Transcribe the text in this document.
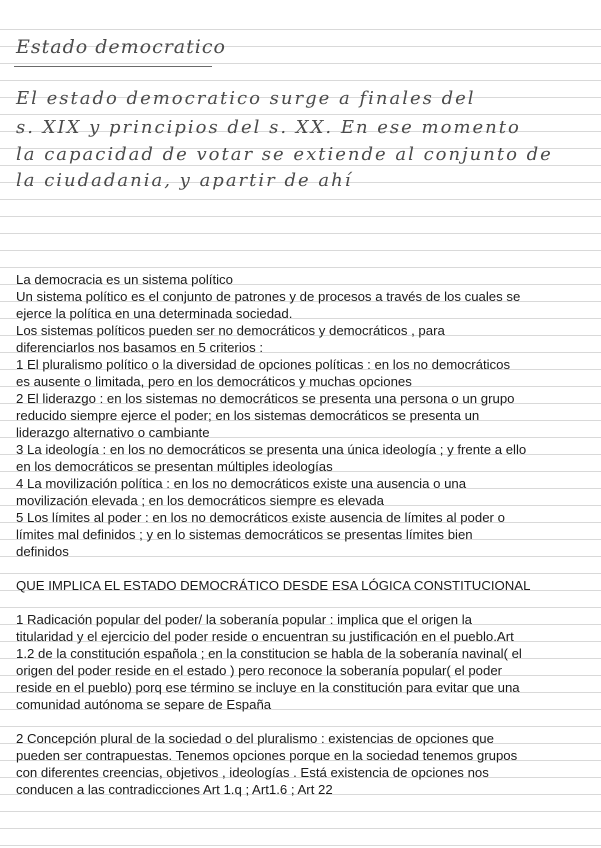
Estado democratico
El estado democratico surge a finales del
s. XIX y principios del s. XX. En ese momento
la capacidad de votar se extiende al conjunto de
la ciudadania, y apartir de ahí
La democracia es un sistema político
Un sistema político es el conjunto de patrones y de procesos a través de los cuales se
ejerce la política en una determinada sociedad.
Los sistemas políticos pueden ser no democráticos y democráticos , para
diferenciarlos nos basamos en 5 criterios :
1 El pluralismo político o la diversidad de opciones políticas : en los no democráticos
es ausente o limitada, pero en los democráticos y muchas opciones
2 El liderazgo : en los sistemas no democráticos se presenta una persona o un grupo
reducido siempre ejerce el poder; en los sistemas democráticos se presenta un
liderazgo alternativo o cambiante
3 La ideología : en los no democráticos se presenta una única ideología ; y frente a ello
en los democráticos se presentan múltiples ideologías
4 La movilización política : en los no democráticos existe una ausencia o una
movilización elevada ; en los democráticos siempre es elevada
5 Los límites al poder : en los no democráticos existe ausencia de límites al poder o
límites mal definidos ; y en lo sistemas democráticos se presentas límites bien
definidos
QUE IMPLICA EL ESTADO DEMOCRÁTICO DESDE ESA LÓGICA CONSTITUCIONAL
1 Radicación popular del poder/ la soberanía popular : implica que el origen la
titularidad y el ejercicio del poder reside o encuentran su justificación en el pueblo.Art
1.2 de la constitución española ; en la constitucion se habla de la soberanía navinal( el
origen del poder reside en el estado ) pero reconoce la soberanía popular( el poder
reside en el pueblo) porq ese término se incluye en la constitución para evitar que una
comunidad autónoma se separe de España
2 Concepción plural de la sociedad o del pluralismo : existencias de opciones que
pueden ser contrapuestas. Tenemos opciones porque en la sociedad tenemos grupos
con diferentes creencias, objetivos , ideologías . Está existencia de opciones nos
conducen a las contradicciones Art 1.q ; Art1.6 ; Art 22
